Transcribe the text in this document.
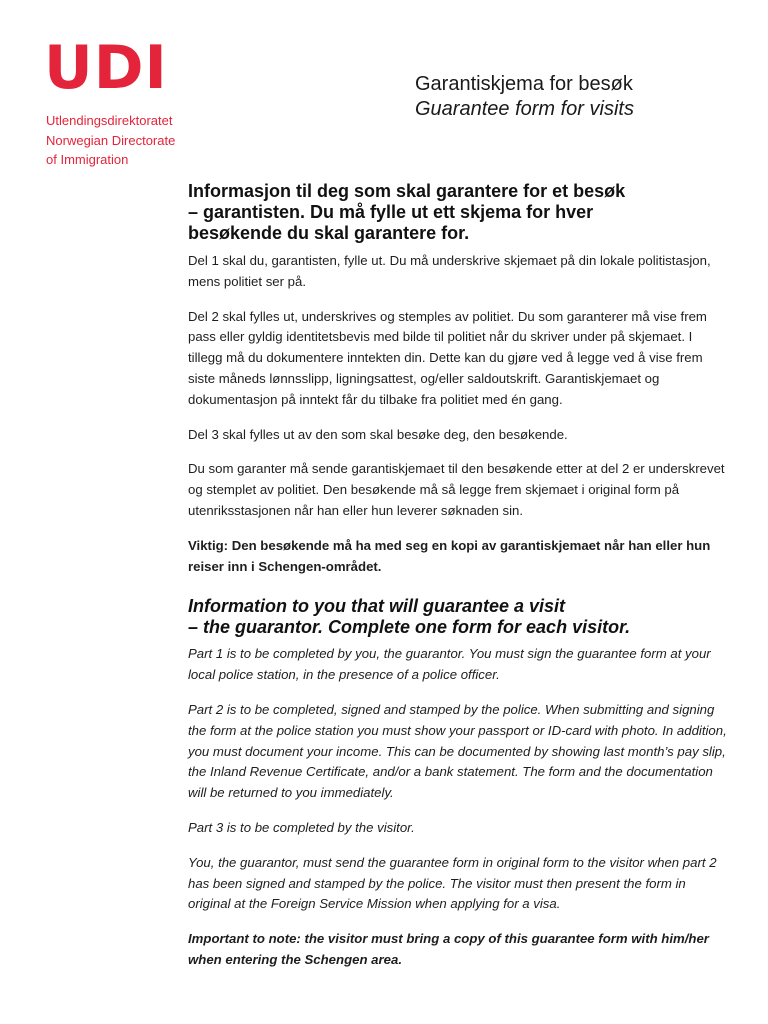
UDI
Utlendingsdirektoratet
Norwegian Directorate
of Immigration
Garantiskjema for besøk
Guarantee form for visits
Informasjon til deg som skal garantere for et besøk
– garantisten. Du må fylle ut ett skjema for hver
besøkende du skal garantere for.

Del 1 skal du, garantisten, fylle ut. Du må underskrive skjemaet på din lokale politistasjon, mens politiet ser på.

Del 2 skal fylles ut, underskrives og stemples av politiet. Du som garanterer må vise frem pass eller gyldig identitetsbevis med bilde til politiet når du skriver under på skjemaet. I tillegg må du dokumentere inntekten din. Dette kan du gjøre ved å legge ved å vise frem siste måneds lønnsslipp, ligningsattest, og/eller saldoutskrift. Garantiskjemaet og dokumentasjon på inntekt får du tilbake fra politiet med én gang.

Del 3 skal fylles ut av den som skal besøke deg, den besøkende.

Du som garanter må sende garantiskjemaet til den besøkende etter at del 2 er underskrevet og stemplet av politiet. Den besøkende må så legge frem skjemaet i original form på utenriksstasjonen når han eller hun leverer søknaden sin.

Viktig: Den besøkende må ha med seg en kopi av garantiskjemaet når han eller hun reiser inn i Schengen-området.

Information to you that will guarantee a visit
– the guarantor. Complete one form for each visitor.

Part 1 is to be completed by you, the guarantor. You must sign the guarantee form at your local police station, in the presence of a police officer.

Part 2 is to be completed, signed and stamped by the police. When submitting and signing the form at the police station you must show your passport or ID-card with photo. In addition, you must document your income. This can be documented by showing last month’s pay slip, the Inland Revenue Certificate, and/or a bank statement. The form and the documentation will be returned to you immediately.

Part 3 is to be completed by the visitor.

You, the guarantor, must send the guarantee form in original form to the visitor when part 2 has been signed and stamped by the police. The visitor must then present the form in original at the Foreign Service Mission when applying for a visa.

Important to note: the visitor must bring a copy of this guarantee form with him/her when entering the Schengen area.
